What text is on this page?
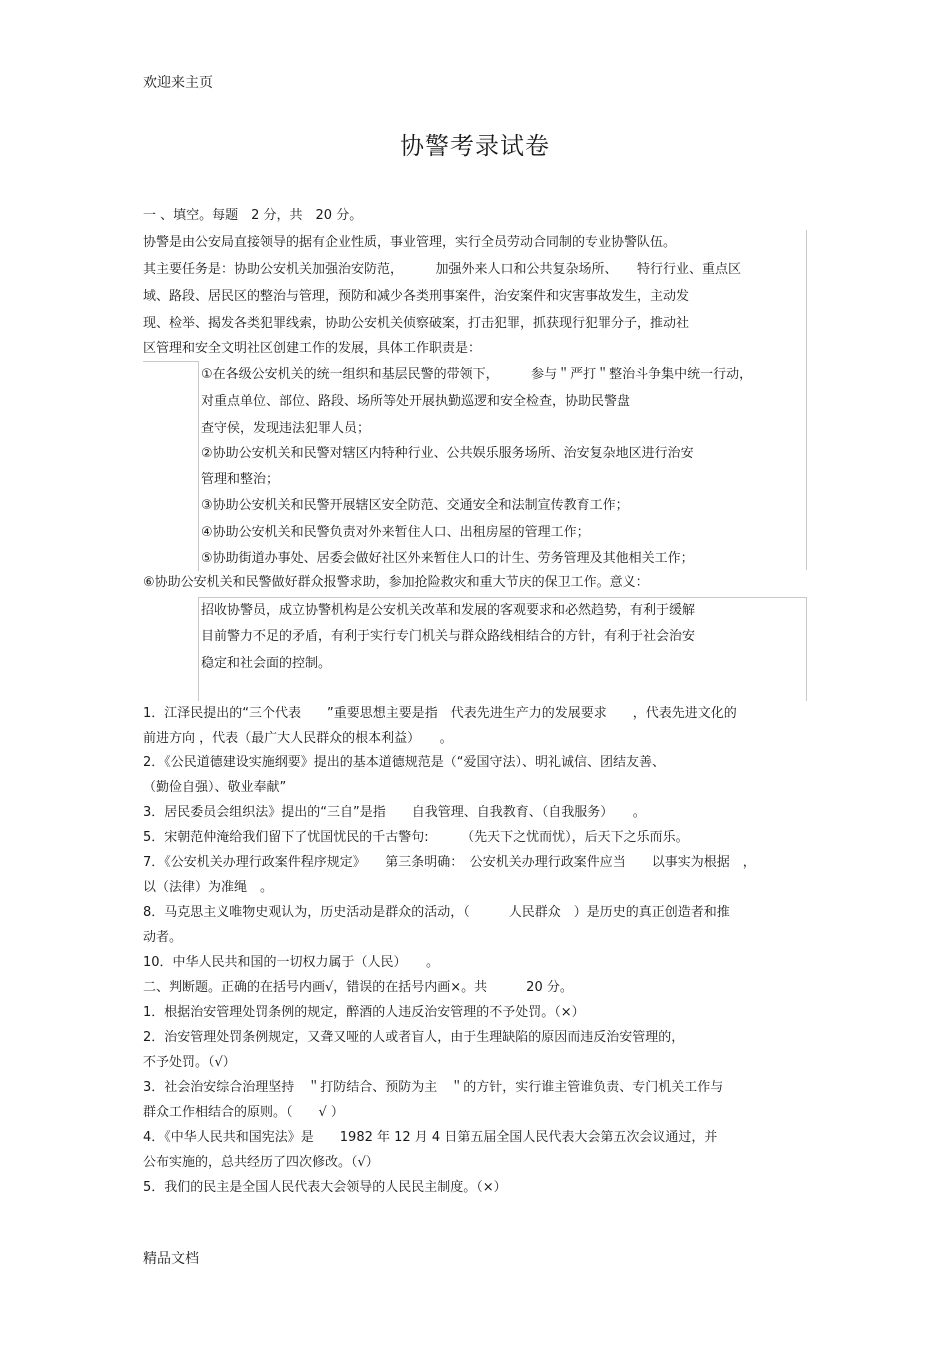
欢迎来主页
协警考录试卷
一 、填空。每题　2 分，共　20 分。
协警是由公安局直接领导的据有企业性质，事业管理，实行全员劳动合同制的专业协警队伍。
其主要任务是：协助公安机关加强治安防范，　　　加强外来人口和公共复杂场所、　　特行行业、重点区
域、路段、居民区的整治与管理，预防和减少各类刑事案件，治安案件和灾害事故发生，主动发
现、检举、揭发各类犯罪线索，协助公安机关侦察破案，打击犯罪，抓获现行犯罪分子，推动社
区管理和安全文明社区创建工作的发展，具体工作职责是：
①在各级公安机关的统一组织和基层民警的带领下，　　　参与＂严打＂整治斗争集中统一行动，
对重点单位、部位、路段、场所等处开展执勤巡逻和安全检查，协助民警盘
查守侯，发现违法犯罪人员；
②协助公安机关和民警对辖区内特种行业、公共娱乐服务场所、治安复杂地区进行治安
管理和整治；
③协助公安机关和民警开展辖区安全防范、交通安全和法制宣传教育工作；
④协助公安机关和民警负责对外来暂住人口、出租房屋的管理工作；
⑤协助街道办事处、居委会做好社区外来暂住人口的计生、劳务管理及其他相关工作；
⑥协助公安机关和民警做好群众报警求助，参加抢险救灾和重大节庆的保卫工作。意义：
招收协警员，成立协警机构是公安机关改革和发展的客观要求和必然趋势，有利于缓解
目前警力不足的矛盾，有利于实行专门机关与群众路线相结合的方针，有利于社会治安
稳定和社会面的控制。
1．江泽民提出的“三个代表　　”重要思想主要是指　代表先进生产力的发展要求　　，代表先进文化的
前进方向 ，代表（最广大人民群众的根本利益）　　。
2．《公民道德建设实施纲要》提出的基本道德规范是（“爱国守法）、明礼诚信、团结友善、
（勤俭自强）、敬业奉献”
3．居民委员会组织法》提出的“三自”是指　　自我管理、自我教育、（自我服务）　　。
5．宋朝范仲淹给我们留下了忧国忧民的千古警句:　　　（先天下之忧而忧），后天下之乐而乐。
7．《公安机关办理行政案件程序规定》　　第三条明确：　公安机关办理行政案件应当　　以事实为根据　，
以（法律）为准绳　。
8．马克思主义唯物史观认为，历史活动是群众的活动，（　　　人民群众　）是历史的真正创造者和推
动者。
10．中华人民共和国的一切权力属于（人民）　　。
二、判断题。正确的在括号内画√，错误的在括号内画×。共　　　20 分。
1．根据治安管理处罚条例的规定，醉酒的人违反治安管理的不予处罚。（×）
2．治安管理处罚条例规定，又聋又哑的人或者盲人，由于生理缺陷的原因而违反治安管理的，
不予处罚。（√）
3．社会治安综合治理坚持　＂打防结合、预防为主　＂的方针，实行谁主管谁负责、专门机关工作与
群众工作相结合的原则。（　　√ ）
4．《中华人民共和国宪法》是　　1982 年 12 月 4 日第五届全国人民代表大会第五次会议通过，并
公布实施的，总共经历了四次修改。（√）
5．我们的民主是全国人民代表大会领导的人民民主制度。（×）
精品文档
